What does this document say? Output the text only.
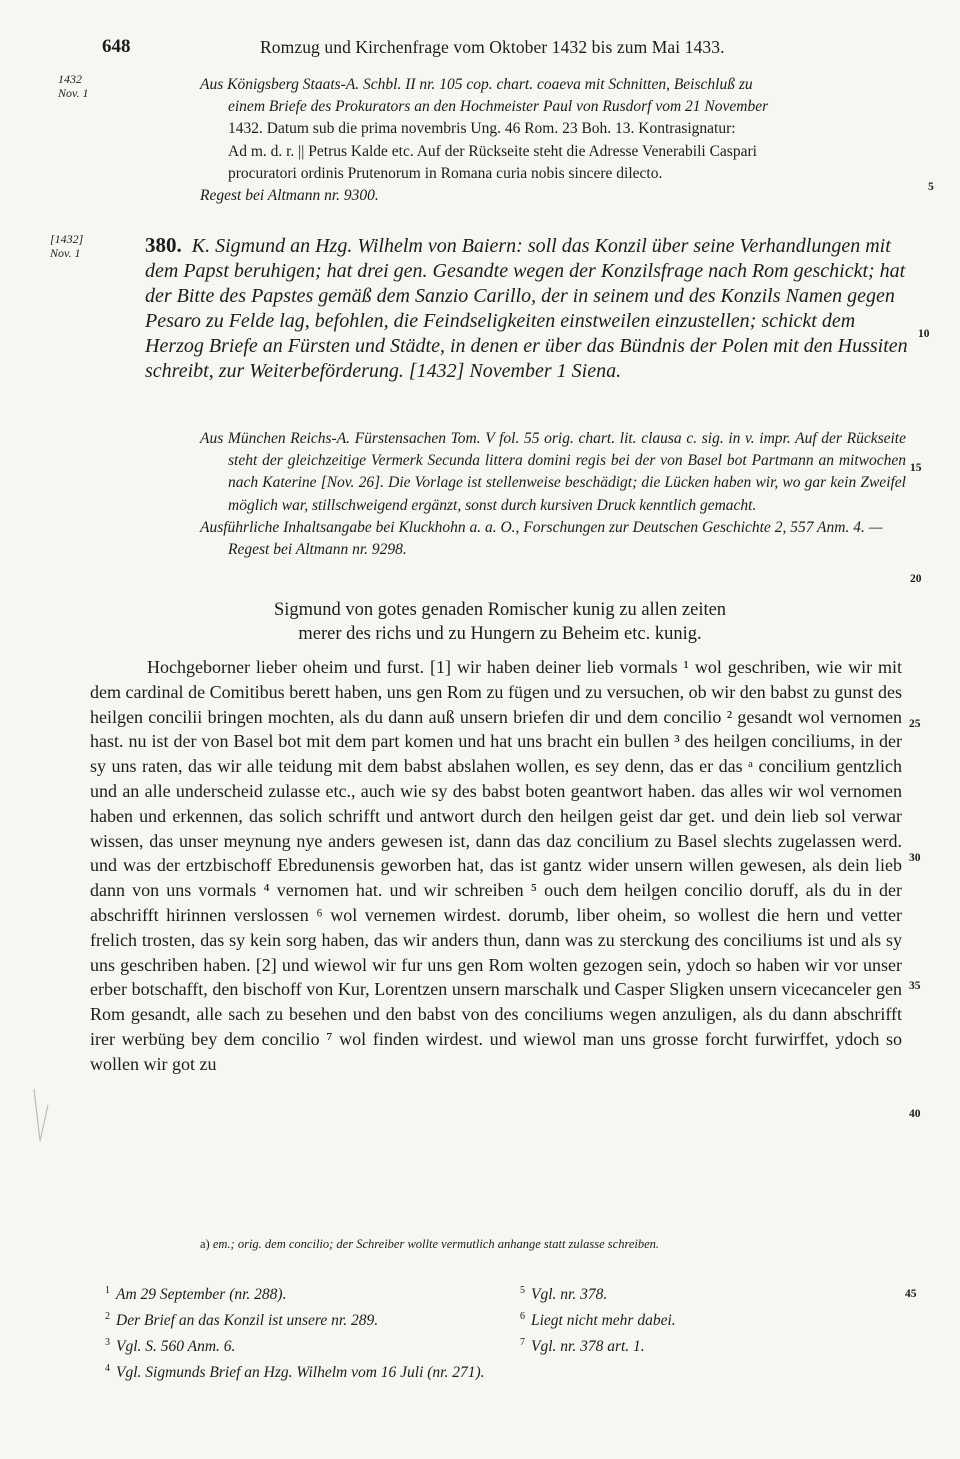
648	Romzug und Kirchenfrage vom Oktober 1432 bis zum Mai 1433.
1432
Nov. 1
[1432]
Nov. 1
5
10
15
20
25
30
35
40
45

Aus Königsberg Staats-A. Schbl. II nr. 105 cop. chart. coaeva mit Schnitten, Beischluß zu

einem Briefe des Prokurators an den Hochmeister Paul von Rusdorf vom 21 November

1432. Datum sub die prima novembris Ung. 46 Rom. 23 Boh. 13. Kontrasignatur:

Ad m. d. r. || Petrus Kalde etc. Auf der Rückseite steht die Adresse Venerabili Caspari

procuratori ordinis Prutenorum in Romana curia nobis sincere dilecto.

Regest bei Altmann nr. 9300.

380. K. Sigmund an Hzg. Wilhelm von Baiern: soll das Konzil über seine Verhandlungen mit dem Papst beruhigen; hat drei gen. Gesandte wegen der Konzilsfrage nach Rom geschickt; hat der Bitte des Papstes gemäß dem Sanzio Carillo, der in seinem und des Konzils Namen gegen Pesaro zu Felde lag, befohlen, die Feindseligkeiten einstweilen einzustellen; schickt dem Herzog Briefe an Fürsten und Städte, in denen er über das Bündnis der Polen mit den Hussiten schreibt, zur Weiterbeförderung. [1432] November 1 Siena.

Aus München Reichs-A. Fürstensachen Tom. V fol. 55 orig. chart. lit. clausa c. sig. in v. impr. Auf der Rückseite steht der gleichzeitige Vermerk Secunda littera domini regis bei der von Basel bot Partmann an mitwochen nach Katerine [Nov. 26]. Die Vorlage ist stellenweise beschädigt; die Lücken haben wir, wo gar kein Zweifel möglich war, stillschweigend ergänzt, sonst durch kursiven Druck kenntlich gemacht.

Ausführliche Inhaltsangabe bei Kluckhohn a. a. O., Forschungen zur Deutschen Geschichte 2, 557 Anm. 4. — Regest bei Altmann nr. 9298.

Sigmund von gotes genaden Romischer kunig zu allen zeiten
merer des richs und zu Hungern zu Beheim etc. kunig.

Hochgeborner lieber oheim und furst. [1] wir haben deiner lieb vormals ¹ wol geschriben, wie wir mit dem cardinal de Comitibus berett haben, uns gen Rom zu fügen und zu versuchen, ob wir den babst zu gunst des heilgen concilii bringen mochten, als du dann auß unsern briefen dir und dem concilio ² gesandt wol vernomen hast. nu ist der von Basel bot mit dem part komen und hat uns bracht ein bullen ³ des heilgen conciliums, in der sy uns raten, das wir alle teidung mit dem babst abslahen wollen, es sey denn, das er das ᵃ concilium gentzlich und an alle underscheid zulasse etc., auch wie sy des babst boten geantwort haben. das alles wir wol vernomen haben und erkennen, das solich schrifft und antwort durch den heilgen geist dar get. und dein lieb sol verwar wissen, das unser meynung nye anders gewesen ist, dann das daz concilium zu Basel slechts zugelassen werd. und was der ertzbischoff Ebredunensis geworben hat, das ist gantz wider unsern willen gewesen, als dein lieb dann von uns vormals ⁴ vernomen hat. und wir schreiben ⁵ ouch dem heilgen concilio doruff, als du in der abschrifft hirinnen verslossen ⁶ wol vernemen wirdest. dorumb, liber oheim, so wollest die hern und vetter frelich trosten, das sy kein sorg haben, das wir anders thun, dann was zu sterckung des conciliums ist und als sy uns geschriben haben. [2] und wiewol wir fur uns gen Rom wolten gezogen sein, ydoch so haben wir vor unser erber botschafft, den bischoff von Kur, Lorentzen unsern marschalk und Casper Sligken unsern vicecanceler gen Rom gesandt, alle sach zu besehen und den babst von des conciliums wegen anzuligen, als du dann abschrifft irer werbüng bey dem concilio ⁷ wol finden wirdest. und wiewol man uns grosse forcht furwirffet, ydoch so wollen wir got zu

a) em.; orig. dem concilio; der Schreiber wollte vermutlich anhange statt zulasse schreiben.
$^1$ Am 29 September (nr. 288).
$^2$ Der Brief an das Konzil ist unsere nr. 289.
$^3$ Vgl. S. 560 Anm. 6.
$^4$ Vgl. Sigmunds Brief an Hzg. Wilhelm vom 16 Juli (nr. 271).
$^5$ Vgl. nr. 378.
$^6$ Liegt nicht mehr dabei.
$^7$ Vgl. nr. 378 art. 1.
